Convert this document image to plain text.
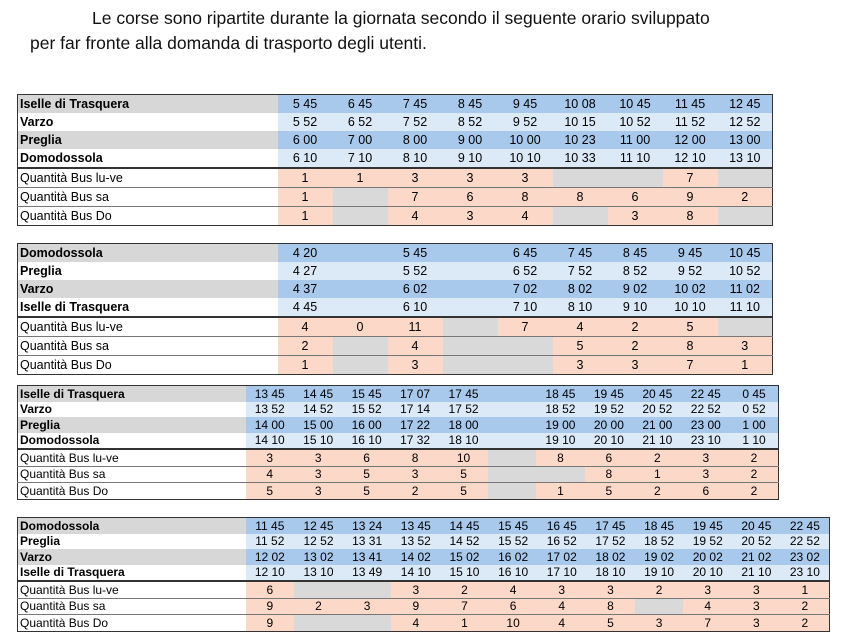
Le corse sono ripartite durante la giornata secondo il seguente orario sviluppato
per far fronte alla domanda di trasporto degli utenti.
Iselle di Trasquera	5 45	6 45	7 45	8 45	9 45	10 08	10 45	11 45	12 45
Varzo	5 52	6 52	7 52	8 52	9 52	10 15	10 52	11 52	12 52
Preglia	6 00	7 00	8 00	9 00	10 00	10 23	11 00	12 00	13 00
Domodossola	6 10	7 10	8 10	9 10	10 10	10 33	11 10	12 10	13 10
Quantità Bus lu-ve	1	1	3	3	3			7	
Quantità Bus sa	1		7	6	8	8	6	9	2
Quantità Bus Do	1		4	3	4		3	8	
Domodossola	4 20		5 45		6 45	7 45	8 45	9 45	10 45
Preglia	4 27		5 52		6 52	7 52	8 52	9 52	10 52
Varzo	4 37		6 02		7 02	8 02	9 02	10 02	11 02
Iselle di Trasquera	4 45		6 10		7 10	8 10	9 10	10 10	11 10
Quantità Bus lu-ve	4	0	11		7	4	2	5	
Quantità Bus sa	2		4			5	2	8	3
Quantità Bus Do	1		3			3	3	7	1
Iselle di Trasquera	13 45	14 45	15 45	17 07	17 45		18 45	19 45	20 45	22 45	0 45
Varzo	13 52	14 52	15 52	17 14	17 52		18 52	19 52	20 52	22 52	0 52
Preglia	14 00	15 00	16 00	17 22	18 00		19 00	20 00	21 00	23 00	1 00
Domodossola	14 10	15 10	16 10	17 32	18 10		19 10	20 10	21 10	23 10	1 10
Quantità Bus lu-ve	3	3	6	8	10		8	6	2	3	2
Quantità Bus sa	4	3	5	3	5			8	1	3	2
Quantità Bus Do	5	3	5	2	5		1	5	2	6	2
Domodossola	11 45	12 45	13 24	13 45	14 45	15 45	16 45	17 45	18 45	19 45	20 45	22 45
Preglia	11 52	12 52	13 31	13 52	14 52	15 52	16 52	17 52	18 52	19 52	20 52	22 52
Varzo	12 02	13 02	13 41	14 02	15 02	16 02	17 02	18 02	19 02	20 02	21 02	23 02
Iselle di Trasquera	12 10	13 10	13 49	14 10	15 10	16 10	17 10	18 10	19 10	20 10	21 10	23 10
Quantità Bus lu-ve	6			3	2	4	3	3	2	3	3	1
Quantità Bus sa	9	2	3	9	7	6	4	8		4	3	2
Quantità Bus Do	9			4	1	10	4	5	3	7	3	2
